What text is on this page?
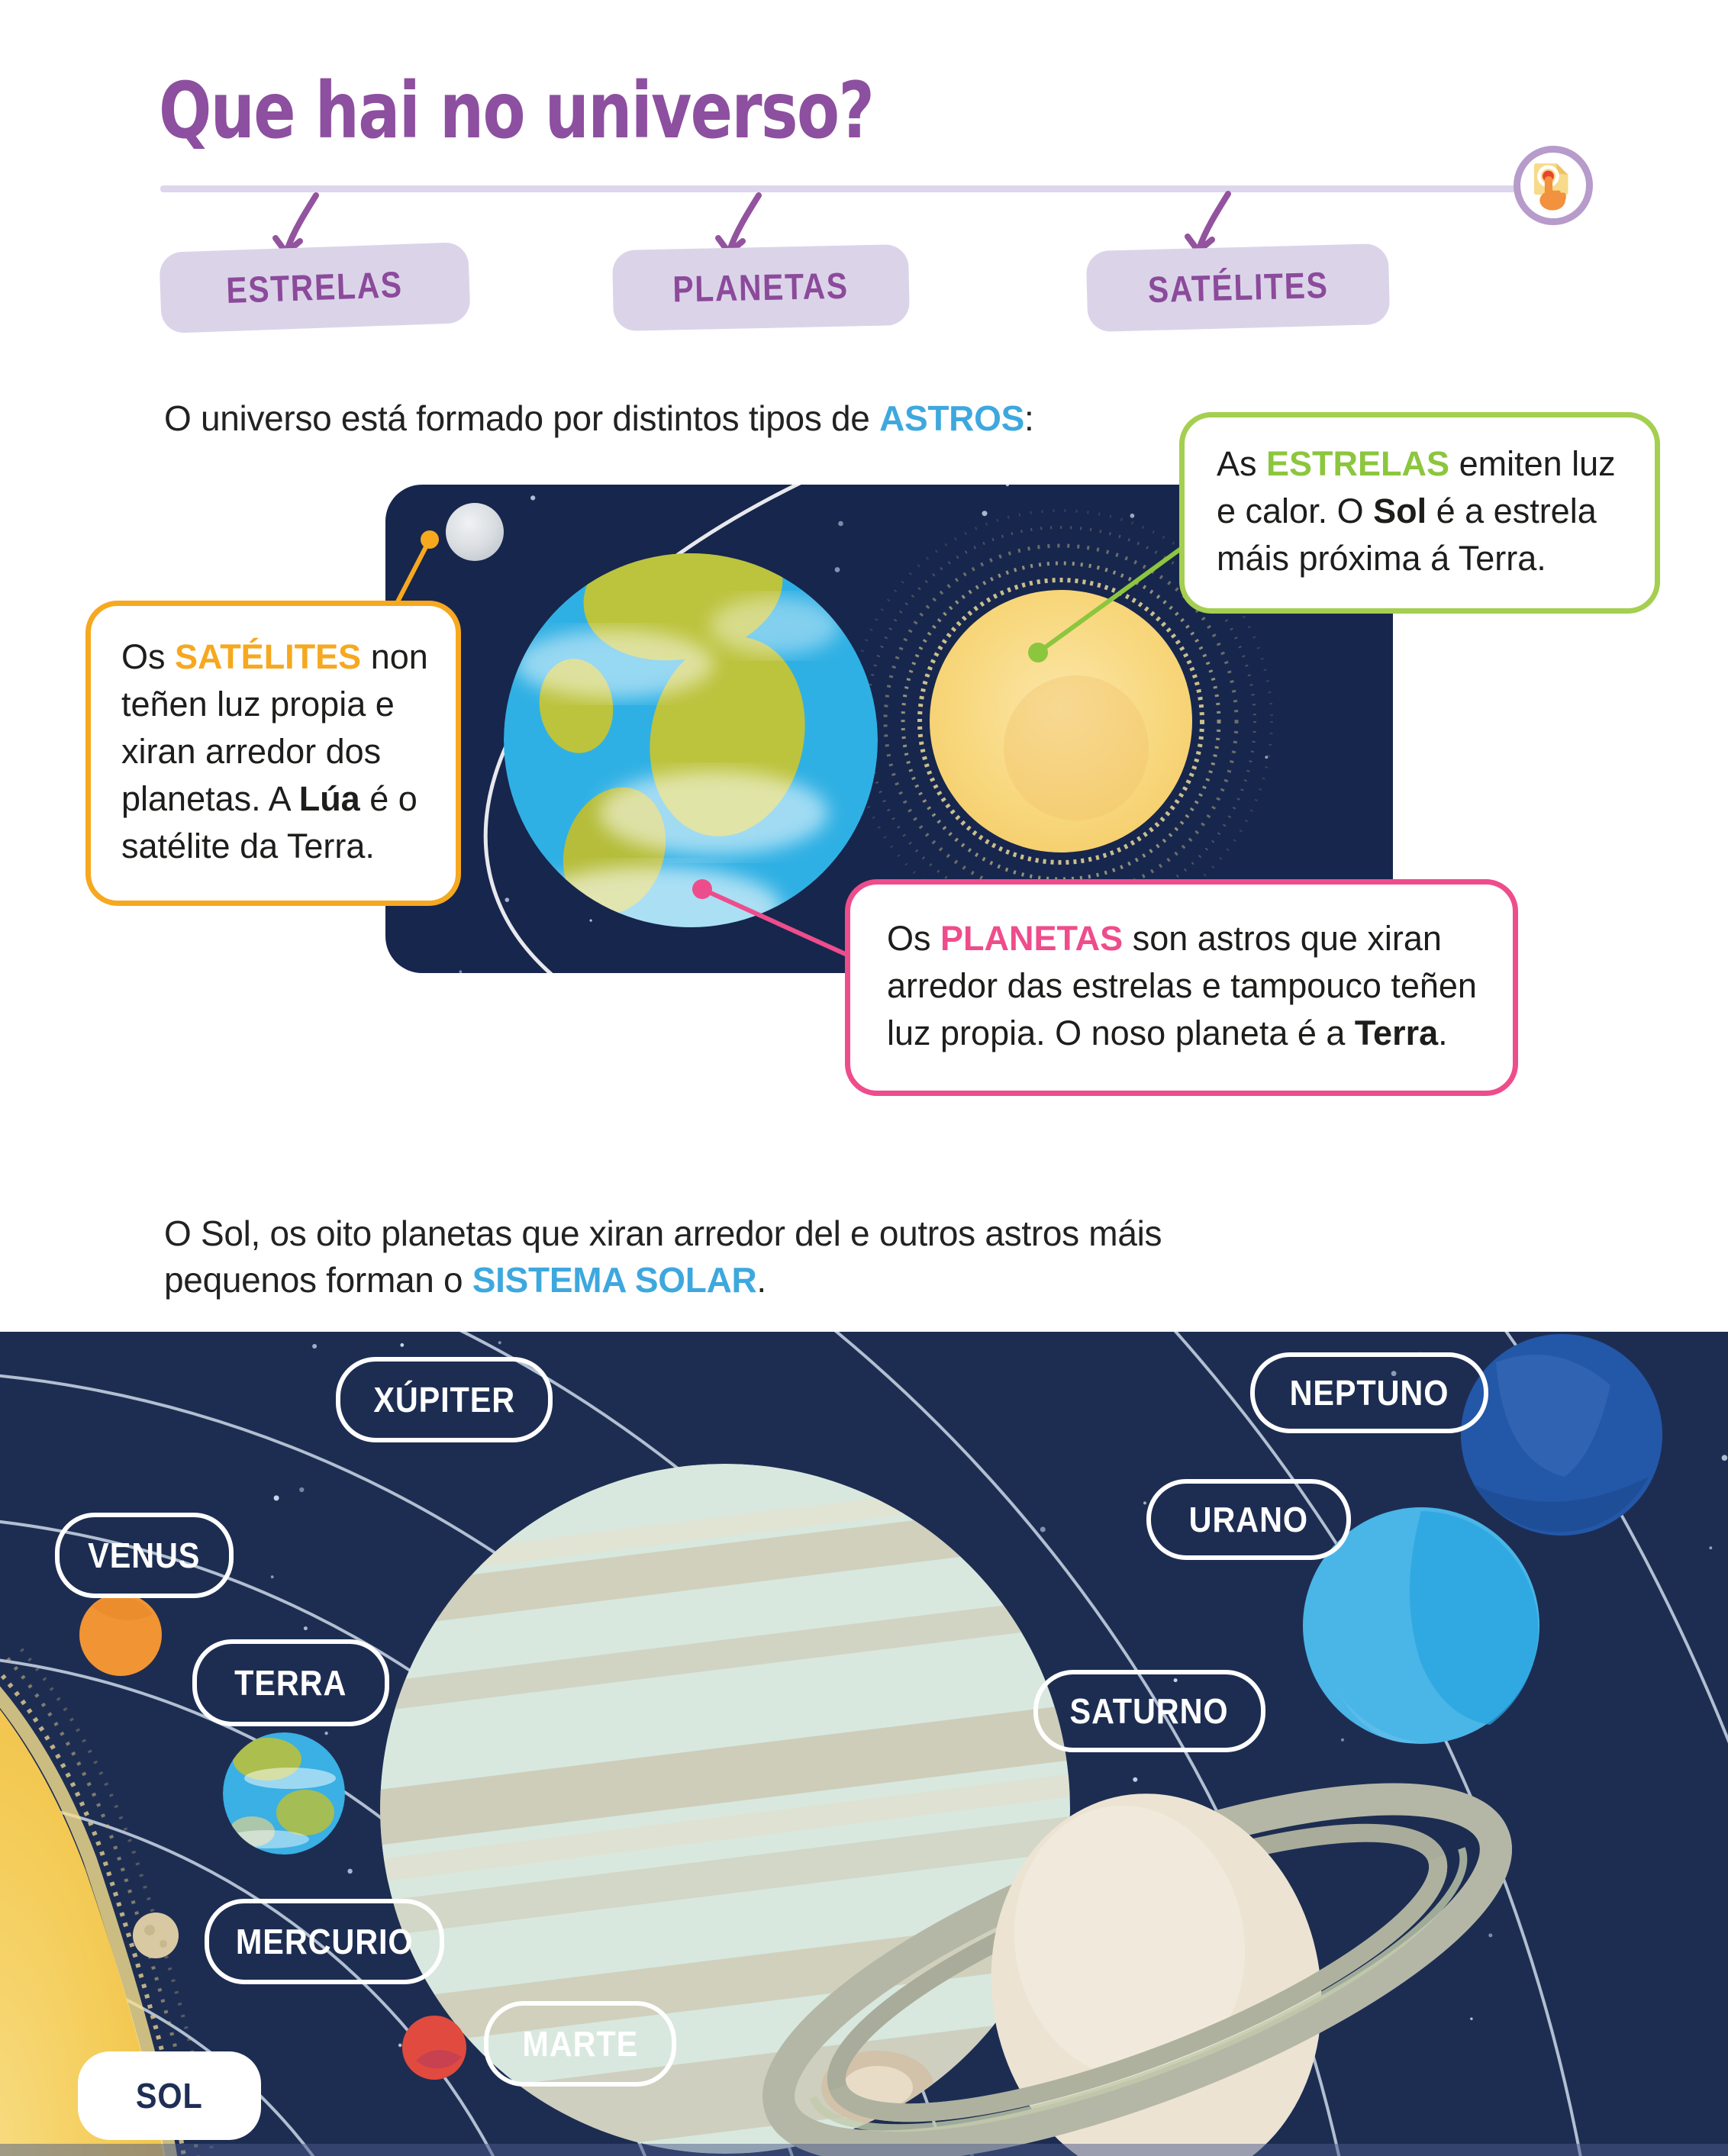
Que hai no universo?
ESTRELAS	PLANETAS	SATÉLITES

O universo está formado por distintos tipos de ASTROS:

As ESTRELAS emiten luz e calor. O Sol é a estrela máis próxima á Terra.
Os SATÉLITES non teñen luz propia e xiran arredor dos planetas. A Lúa é o satélite da Terra.
Os PLANETAS son astros que xiran arredor das estrelas e tampouco teñen luz propia. O noso planeta é a Terra.

O Sol, os oito planetas que xiran arredor del e outros astros máis pequenos forman o SISTEMA SOLAR.

XÚPITER	NEPTUNO
VENUS
URANO
TERRA
SATURNO
MERCURIO
MARTE
SOL
